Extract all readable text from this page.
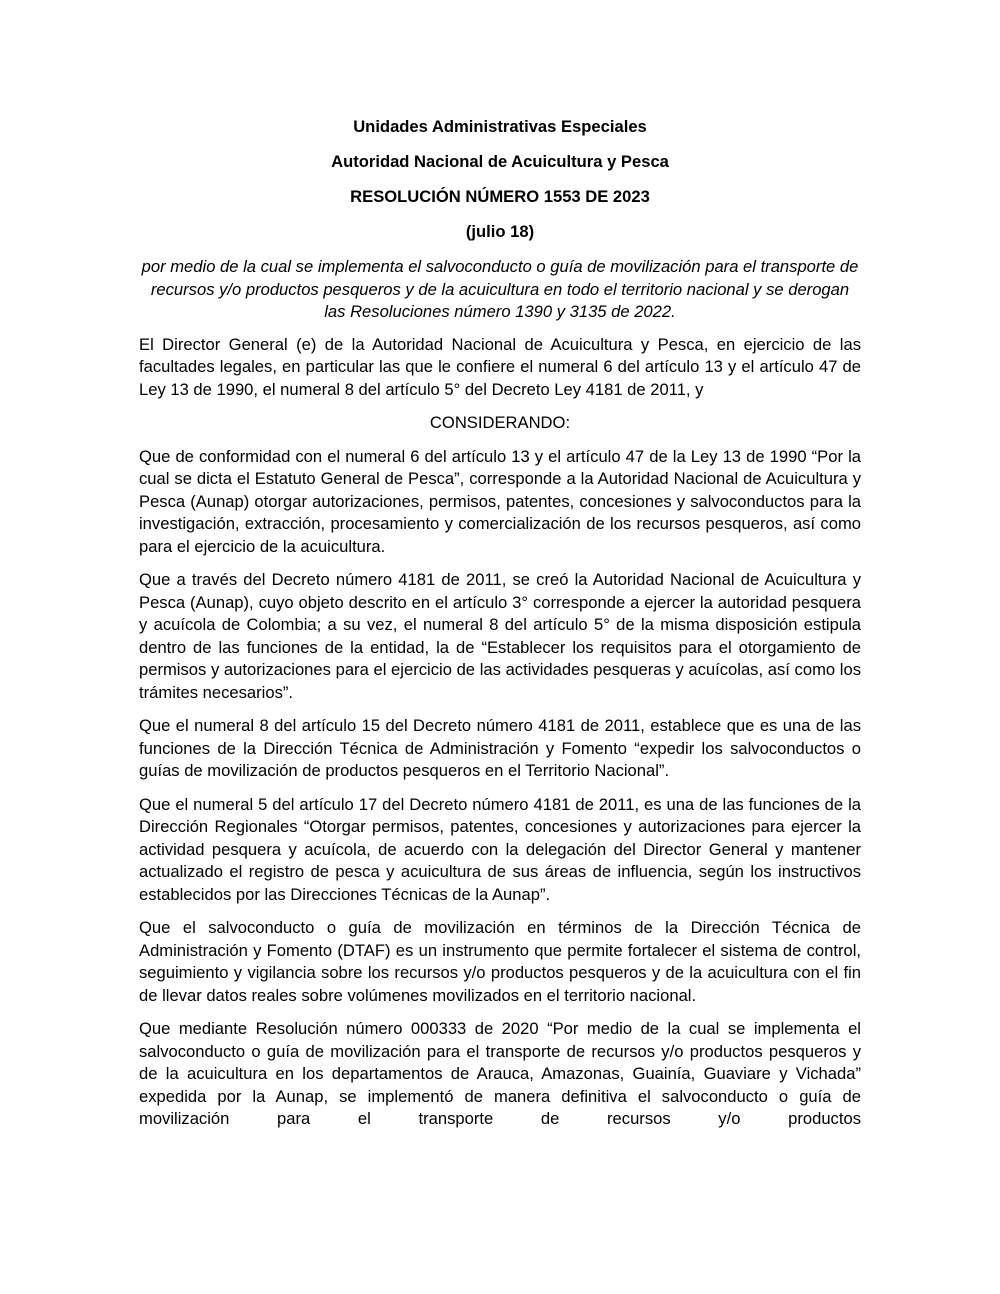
Unidades Administrativas Especiales

Autoridad Nacional de Acuicultura y Pesca

RESOLUCIÓN NÚMERO 1553 DE 2023

(julio 18)

por medio de la cual se implementa el salvoconducto o guía de movilización para el transporte de recursos y/o productos pesqueros y de la acuicultura en todo el territorio nacional y se derogan las Resoluciones número 1390 y 3135 de 2022.

El Director General (e) de la Autoridad Nacional de Acuicultura y Pesca, en ejercicio de las facultades legales, en particular las que le confiere el numeral 6 del artículo 13 y el artículo 47 de Ley 13 de 1990, el numeral 8 del artículo 5° del Decreto Ley 4181 de 2011, y

CONSIDERANDO:

Que de conformidad con el numeral 6 del artículo 13 y el artículo 47 de la Ley 13 de 1990 “Por la cual se dicta el Estatuto General de Pesca”, corresponde a la Autoridad Nacional de Acuicultura y Pesca (Aunap) otorgar autorizaciones, permisos, patentes, concesiones y salvoconductos para la investigación, extracción, procesamiento y comercialización de los recursos pesqueros, así como para el ejercicio de la acuicultura.

Que a través del Decreto número 4181 de 2011, se creó la Autoridad Nacional de Acuicultura y Pesca (Aunap), cuyo objeto descrito en el artículo 3° corresponde a ejercer la autoridad pesquera y acuícola de Colombia; a su vez, el numeral 8 del artículo 5° de la misma disposición estipula dentro de las funciones de la entidad, la de “Establecer los requisitos para el otorgamiento de permisos y autorizaciones para el ejercicio de las actividades pesqueras y acuícolas, así como los trámites necesarios”.

Que el numeral 8 del artículo 15 del Decreto número 4181 de 2011, establece que es una de las funciones de la Dirección Técnica de Administración y Fomento “expedir los salvoconductos o guías de movilización de productos pesqueros en el Territorio Nacional”.

Que el numeral 5 del artículo 17 del Decreto número 4181 de 2011, es una de las funciones de la Dirección Regionales “Otorgar permisos, patentes, concesiones y autorizaciones para ejercer la actividad pesquera y acuícola, de acuerdo con la delegación del Director General y mantener actualizado el registro de pesca y acuicultura de sus áreas de influencia, según los instructivos establecidos por las Direcciones Técnicas de la Aunap”.

Que el salvoconducto o guía de movilización en términos de la Dirección Técnica de Administración y Fomento (DTAF) es un instrumento que permite fortalecer el sistema de control, seguimiento y vigilancia sobre los recursos y/o productos pesqueros y de la acuicultura con el fin de llevar datos reales sobre volúmenes movilizados en el territorio nacional.

Que mediante Resolución número 000333 de 2020 “Por medio de la cual se implementa el salvoconducto o guía de movilización para el transporte de recursos y/o productos pesqueros y de la acuicultura en los departamentos de Arauca, Amazonas, Guainía, Guaviare y Vichada” expedida por la Aunap, se implementó de manera definitiva el salvoconducto o guía de movilización para el transporte de recursos y/o productos
